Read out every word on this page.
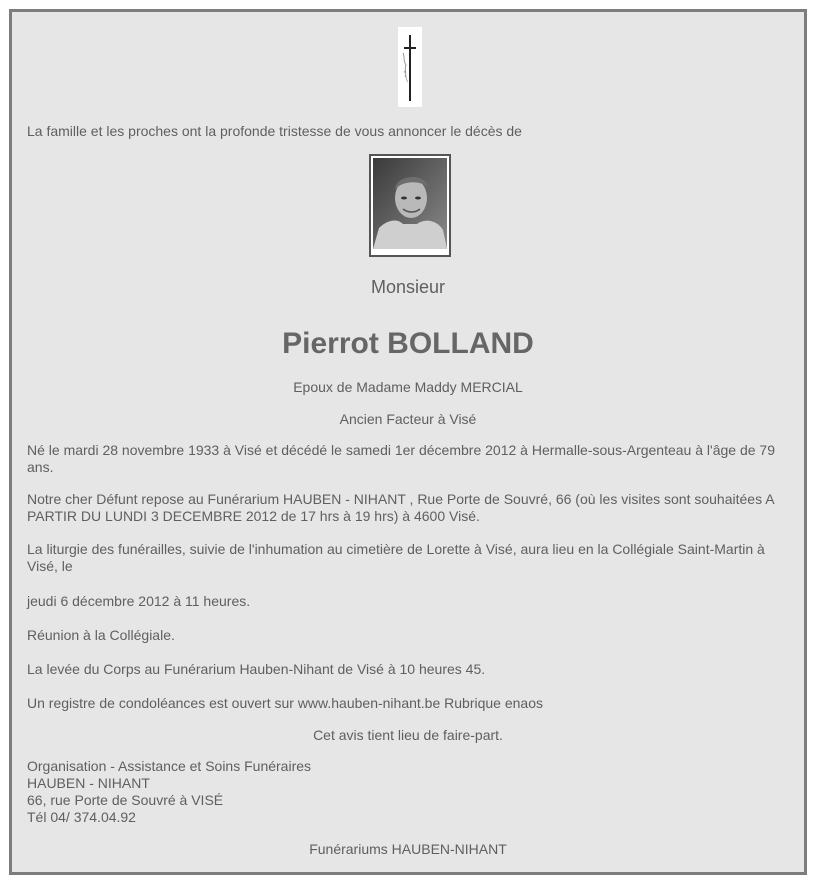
La famille et les proches ont la profonde tristesse de vous annoncer le décès de
Monsieur
Pierrot BOLLAND
Epoux de Madame Maddy MERCIAL
Ancien Facteur à Visé
Né le mardi 28 novembre 1933 à Visé et décédé le samedi 1er décembre 2012 à Hermalle-sous-Argenteau à l'âge de 79 ans.
Notre cher Défunt repose au Funérarium HAUBEN - NIHANT , Rue Porte de Souvré, 66 (où les visites sont souhaitées A PARTIR DU LUNDI 3 DECEMBRE 2012 de 17 hrs à 19 hrs) à 4600 Visé.
La liturgie des funérailles, suivie de l'inhumation au cimetière de Lorette à Visé, aura lieu en la Collégiale Saint-Martin à Visé, le
jeudi 6 décembre 2012 à 11 heures.
Réunion à la Collégiale.
La levée du Corps au Funérarium Hauben-Nihant de Visé à 10 heures 45.
Un registre de condoléances est ouvert sur www.hauben-nihant.be Rubrique enaos
Cet avis tient lieu de faire-part.
Organisation - Assistance et Soins Funéraires
HAUBEN - NIHANT
66, rue Porte de Souvré à VISÉ
Tél 04/ 374.04.92
Funérariums HAUBEN-NIHANT
